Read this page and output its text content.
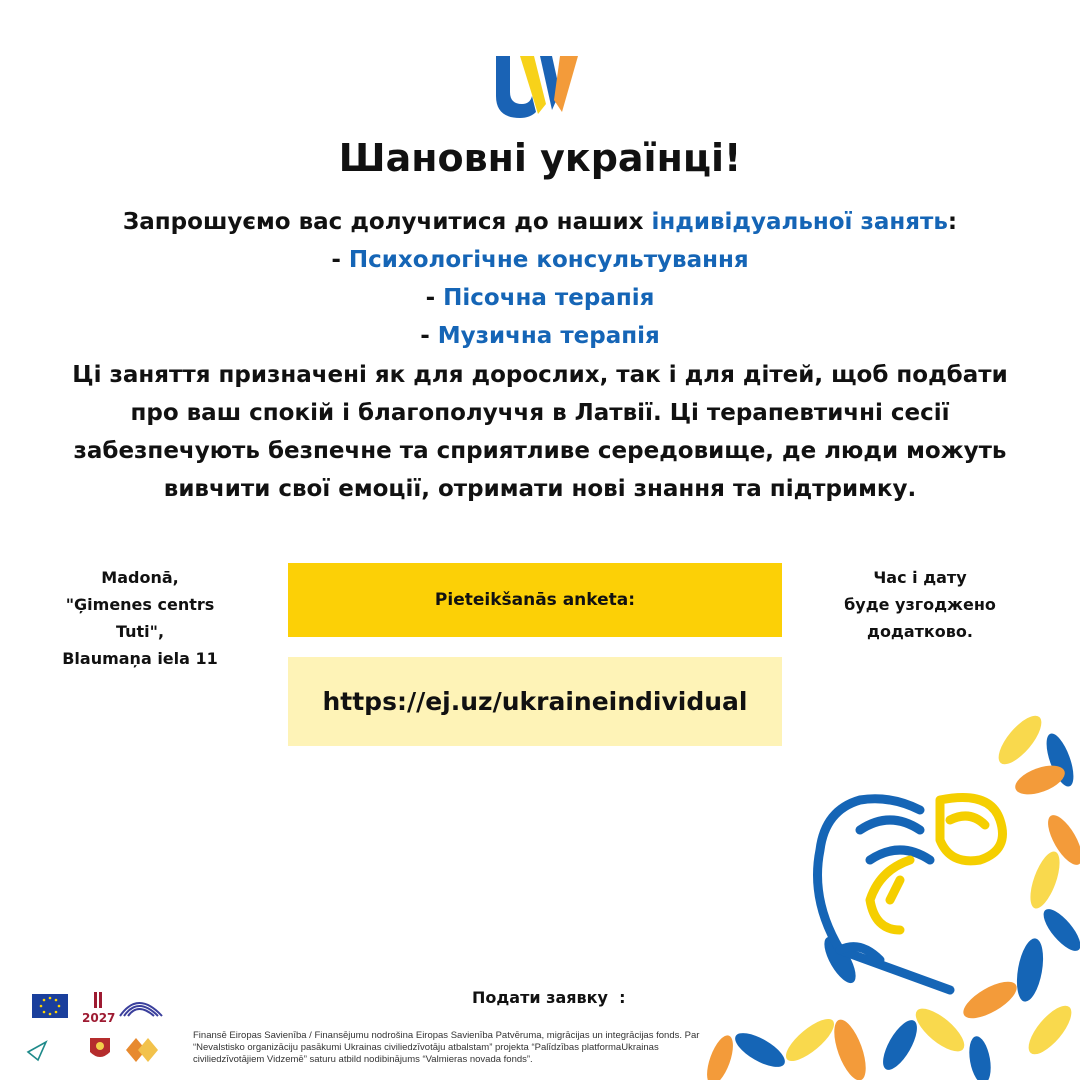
Шановні українці!
Запрошуємо вас долучитися до наших індивідуальної занять:
- Психологічне консультування
- Пісочна терапія
- Музична терапія
Ці заняття призначені як для дорослих, так і для дітей, щоб подбати про ваш спокій і благополуччя в Латвії. Ці терапевтичні сесії забезпечують безпечне та сприятливе середовище, де люди можуть вивчити свої емоції, отримати нові знання та підтримку.
Madonā,
"Ģimenes centrs
Tuti",
Blaumaņa iela 11
Час і дату
буде узгоджено
додатково.
Pieteikšanās anketa:
https://ej.uz/ukraineindividual
Подати заявку  :
2027
Finansē Eiropas Savienība / Finansējumu nodrošina Eiropas Savienība Patvēruma, migrācijas un integrācijas fonds. Par “Nevalstisko organizāciju pasākumi Ukrainas civiliedzīvotāju atbalstam” projekta “Palīdzības platformaUkrainas civiliedzīvotājiem Vidzemē” saturu atbild nodibinājums “Valmieras novada fonds”.
